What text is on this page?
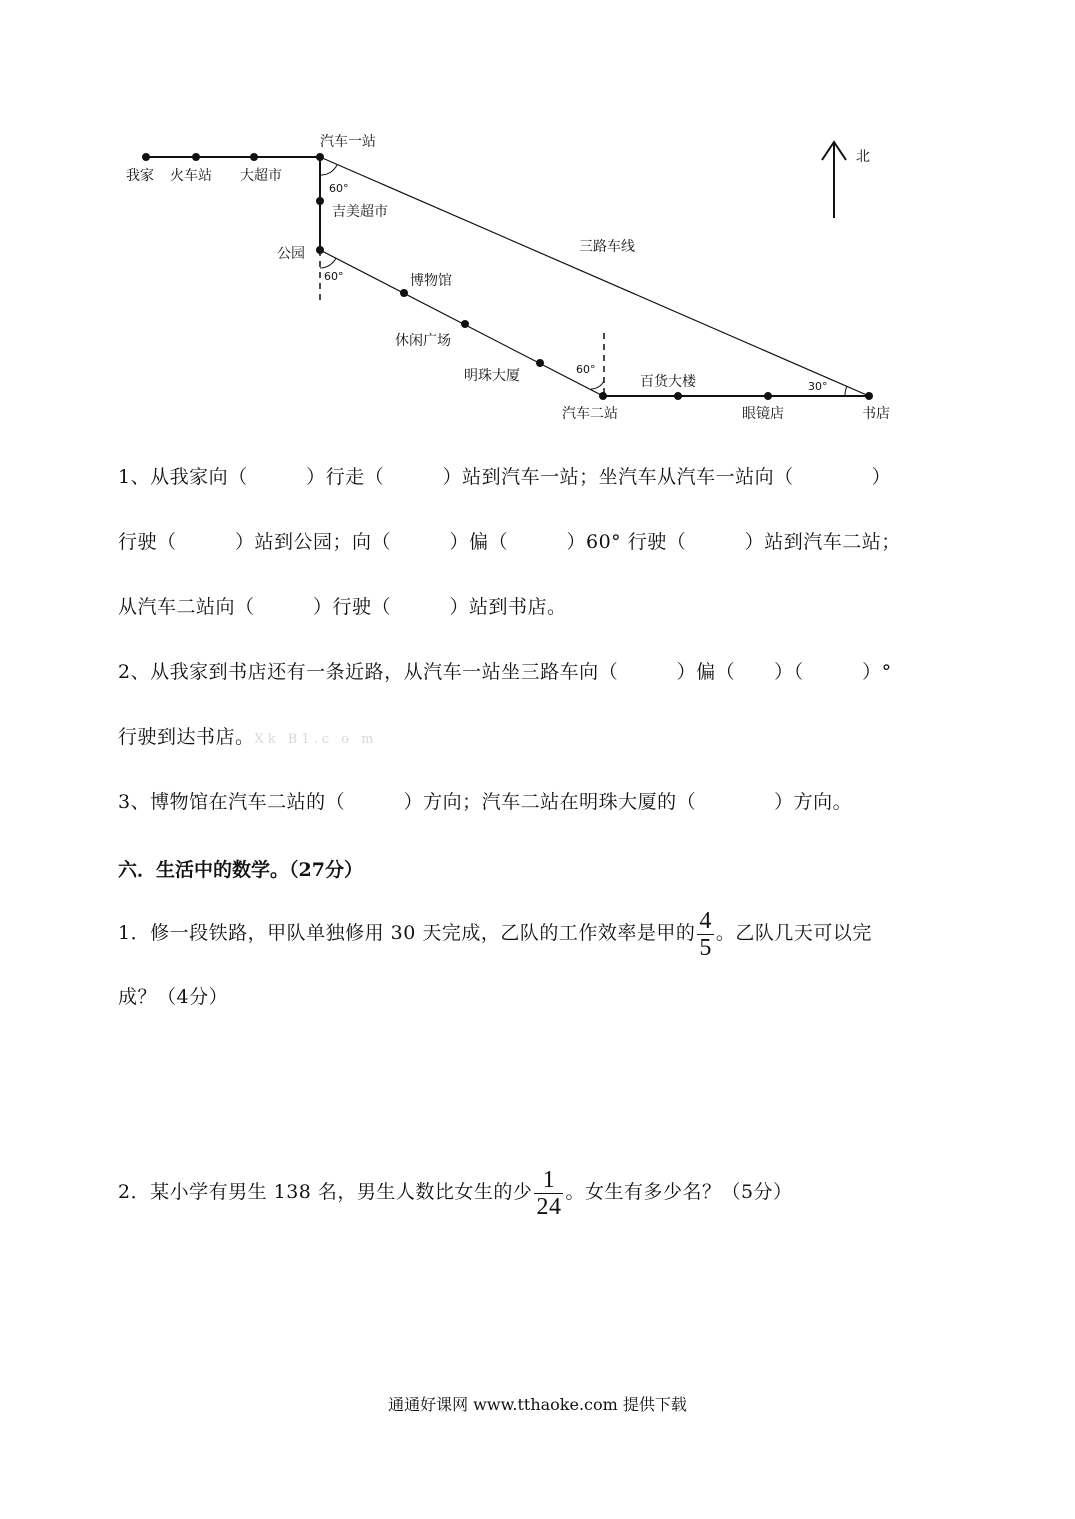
北
我家 火车站 大超市
汽车一站
吉美超市
公园
博物馆
休闲广场
明珠大厦
汽车二站
百货大楼
眼镜店	书店
60°
60°
60°
30°
三路车线
1、从我家向（　　　）行走（　　　）站到汽车一站；坐汽车从汽车一站向（　　　　）
行驶（　　　）站到公园；向（　　　）偏（　　　）60° 行驶（　　　）站到汽车二站；
从汽车二站向（　　　）行驶（　　　）站到书店。
2、从我家到书店还有一条近路，从汽车一站坐三路车向（　　　）偏（　　）（　　　）°
行驶到达书店。Xk B1.c o m
3、博物馆在汽车二站的（　　　）方向；汽车二站在明珠大厦的（　　　　）方向。
六．生活中的数学。（27分）
1．修一段铁路，甲队单独修用 30 天完成，乙队的工作效率是甲的 $\frac{4}{5}$ 。乙队几天可以完
成？（4分）
2．某小学有男生 138 名，男生人数比女生的少 $\frac{1}{24}$ 。女生有多少名？（5分）
通通好课网 www.tthaoke.com 提供下载
